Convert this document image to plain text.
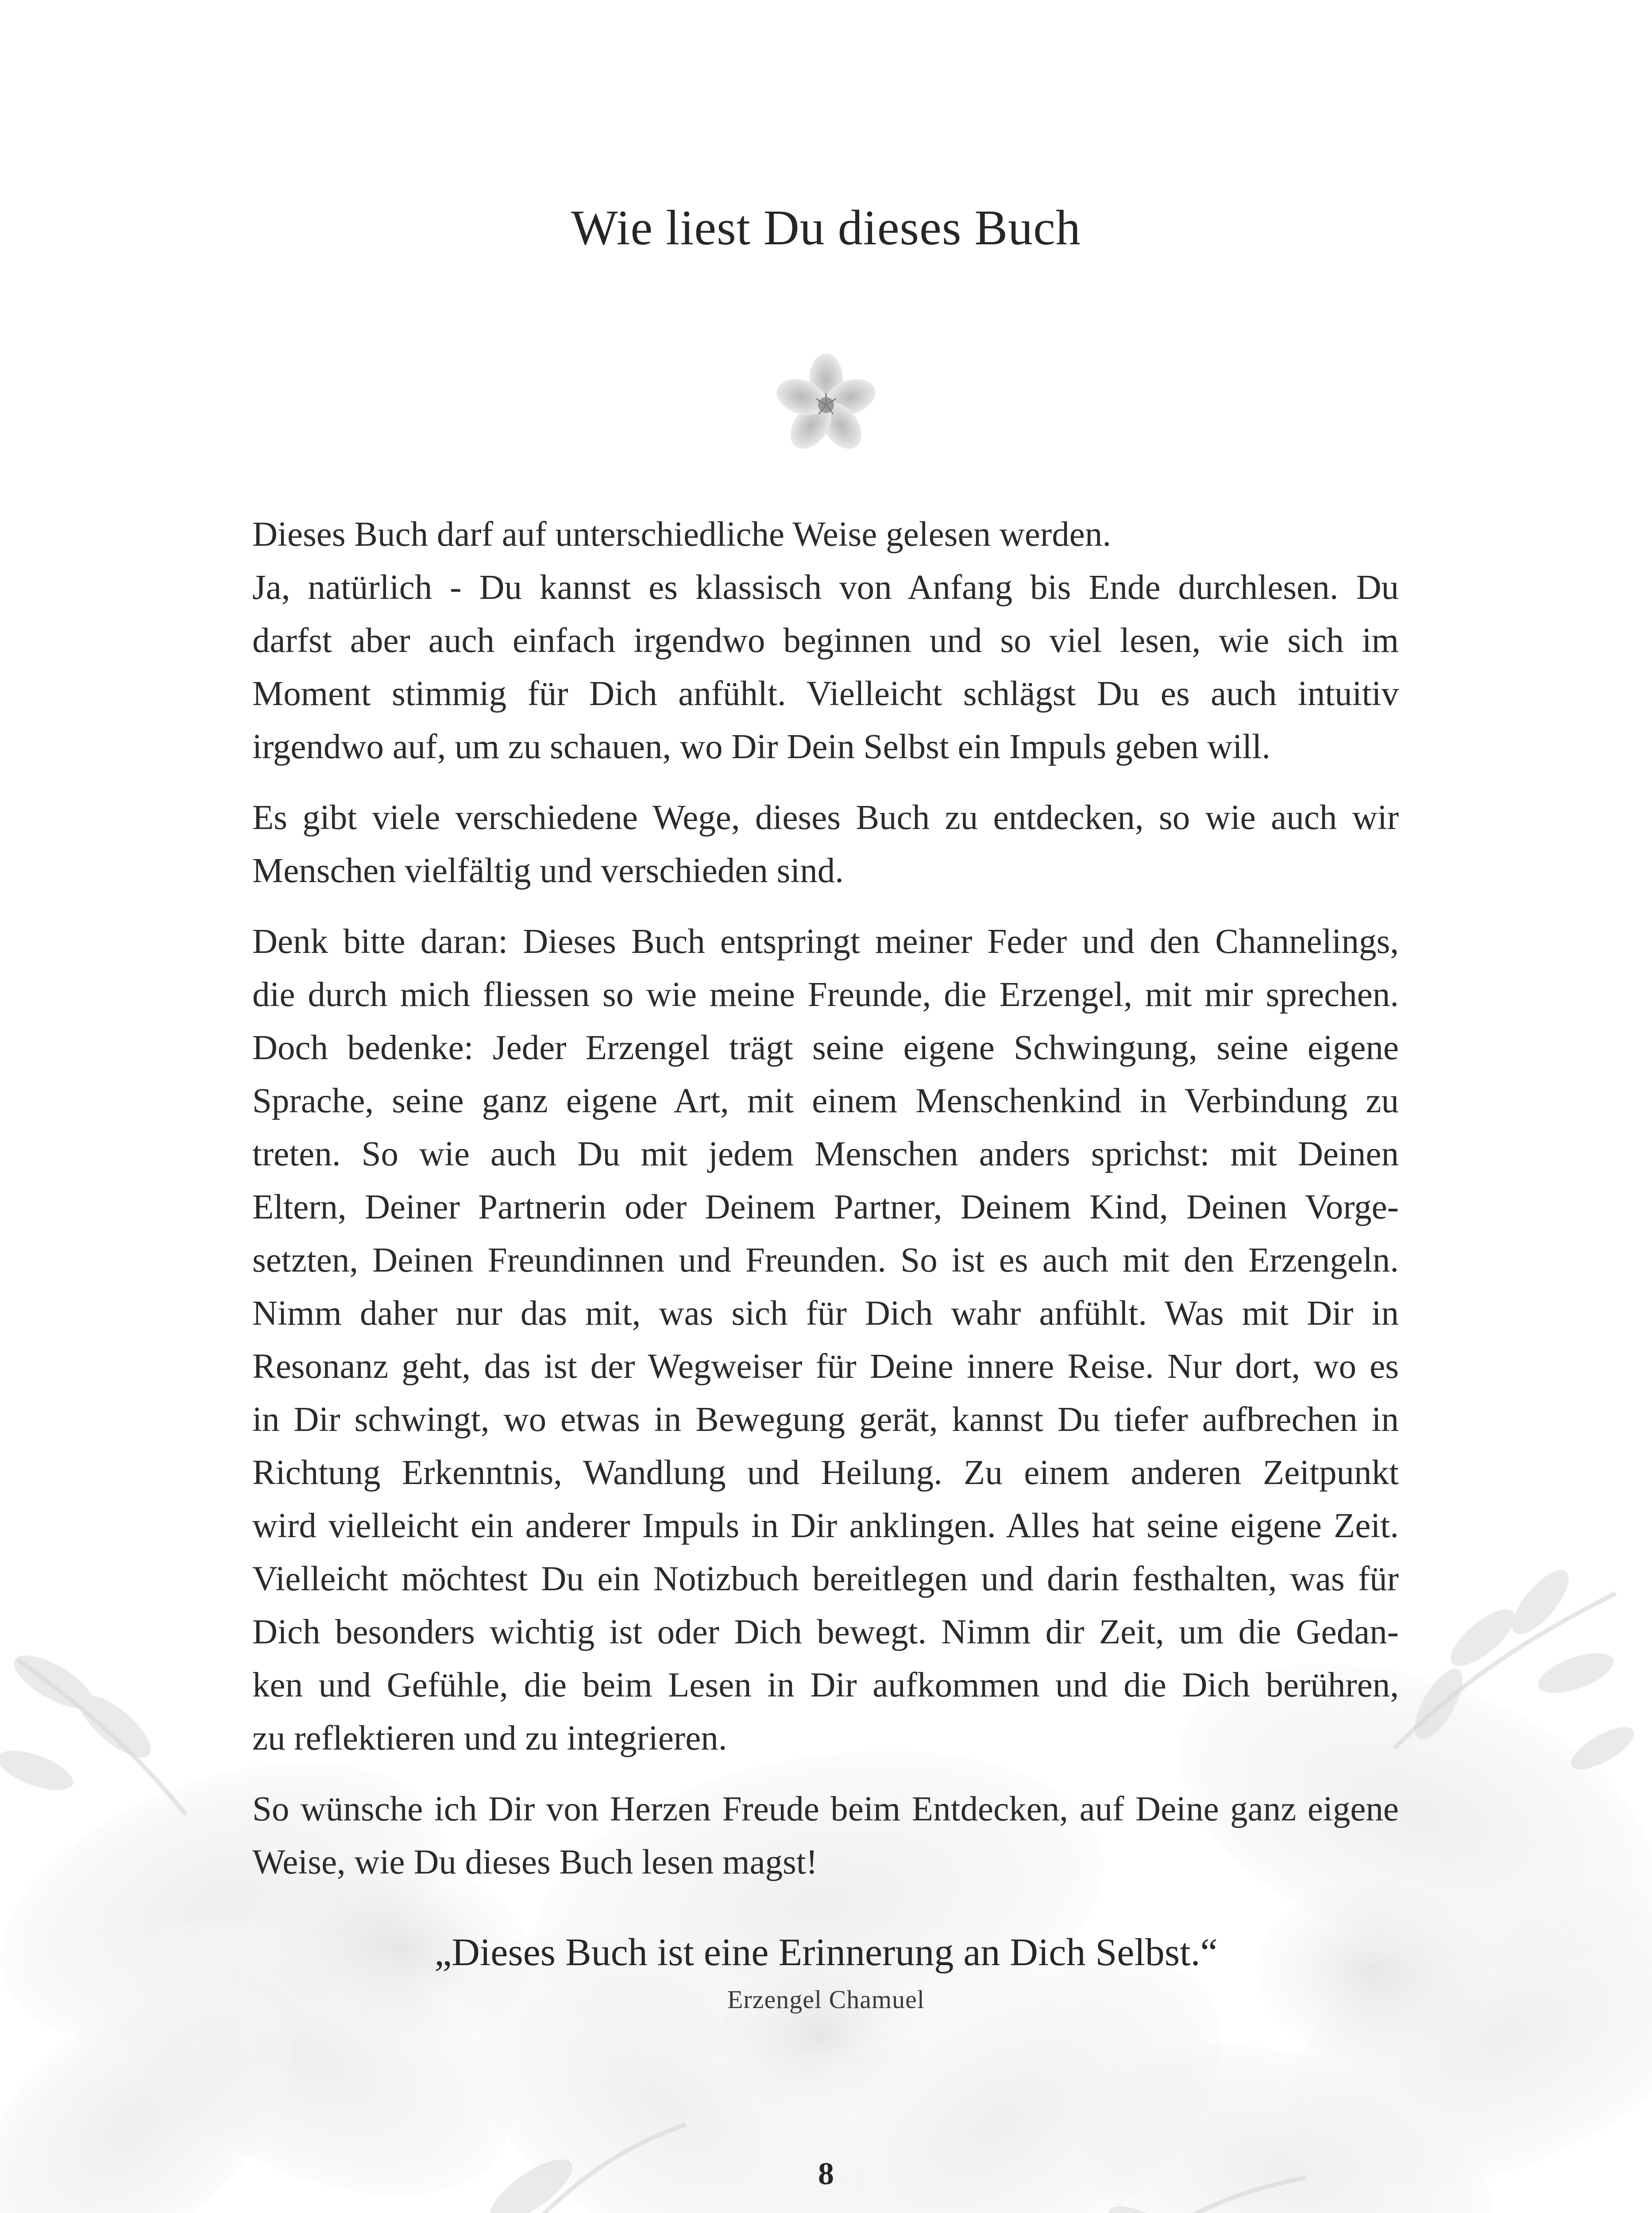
Wie liest Du dieses Buch

Dieses Buch darf auf unterschiedliche Weise gelesen werden.
Ja, natürlich - Du kannst es klassisch von Anfang bis Ende durchlesen. Du
darfst aber auch einfach irgendwo beginnen und so viel lesen, wie sich im
Moment stimmig für Dich anfühlt. Vielleicht schlägst Du es auch intuitiv
irgendwo auf, um zu schauen, wo Dir Dein Selbst ein Impuls geben will.

Es gibt viele verschiedene Wege, dieses Buch zu entdecken, so wie auch wir
Menschen vielfältig und verschieden sind.

Denk bitte daran: Dieses Buch entspringt meiner Feder und den Channelings,
die durch mich fliessen so wie meine Freunde, die Erzengel, mit mir sprechen.
Doch bedenke: Jeder Erzengel trägt seine eigene Schwingung, seine eigene
Sprache, seine ganz eigene Art, mit einem Menschenkind in Verbindung zu
treten. So wie auch Du mit jedem Menschen anders sprichst: mit Deinen
Eltern, Deiner Partnerin oder Deinem Partner, Deinem Kind, Deinen Vorge-
setzten, Deinen Freundinnen und Freunden. So ist es auch mit den Erzengeln.
Nimm daher nur das mit, was sich für Dich wahr anfühlt. Was mit Dir in
Resonanz geht, das ist der Wegweiser für Deine innere Reise. Nur dort, wo es
in Dir schwingt, wo etwas in Bewegung gerät, kannst Du tiefer aufbrechen in
Richtung Erkenntnis, Wandlung und Heilung. Zu einem anderen Zeitpunkt
wird vielleicht ein anderer Impuls in Dir anklingen. Alles hat seine eigene Zeit.
Vielleicht möchtest Du ein Notizbuch bereitlegen und darin festhalten, was für
Dich besonders wichtig ist oder Dich bewegt. Nimm dir Zeit, um die Gedan-
ken und Gefühle, die beim Lesen in Dir aufkommen und die Dich berühren,
zu reflektieren und zu integrieren.

So wünsche ich Dir von Herzen Freude beim Entdecken, auf Deine ganz eigene
Weise, wie Du dieses Buch lesen magst!

„Dieses Buch ist eine Erinnerung an Dich Selbst.“
Erzengel Chamuel
8
